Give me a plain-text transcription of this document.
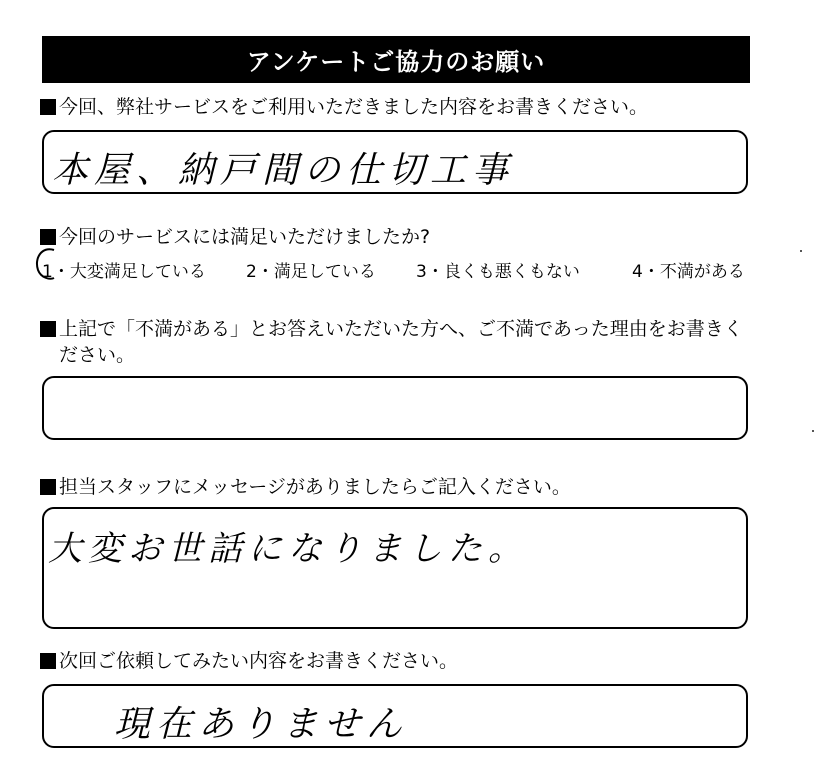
アンケートご協力のお願い
今回、弊社サービスをご利用いただきました内容をお書きください。
本屋、納戸間の仕切工事
今回のサービスには満足いただけましたか?
1・大変満足している 2・満足している 3・良くも悪くもない	4・不満がある
上記で「不満がある」とお答えいただいた方へ、ご不満であった理由をお書きください。
担当スタッフにメッセージがありましたらご記入ください。
大変お世話になりました。
次回ご依頼してみたい内容をお書きください。
現在ありません
